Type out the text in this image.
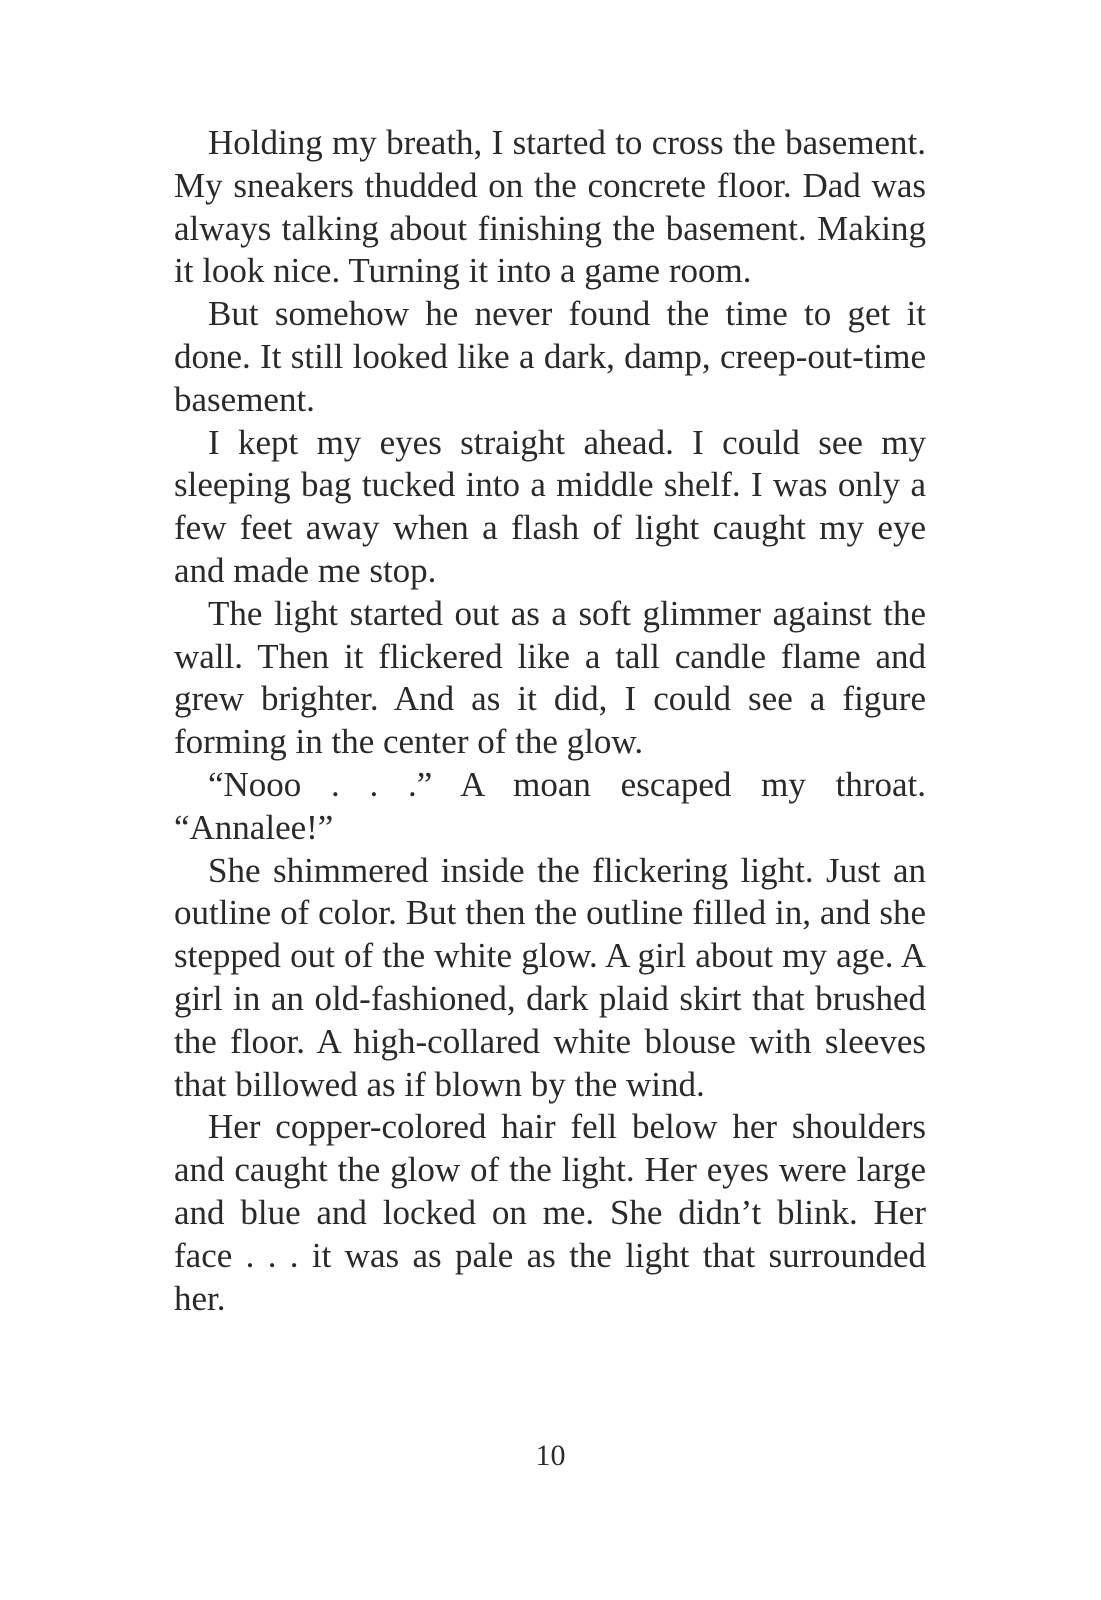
Holding my breath, I started to cross the basement. My sneakers thudded on the concrete floor. Dad was always talking about finishing the basement. Making it look nice. Turning it into a game room.

But somehow he never found the time to get it done. It still looked like a dark, damp, creep-out-time basement.

I kept my eyes straight ahead. I could see my sleeping bag tucked into a middle shelf. I was only a few feet away when a flash of light caught my eye and made me stop.

The light started out as a soft glimmer against the wall. Then it flickered like a tall candle flame and grew brighter. And as it did, I could see a figure forming in the center of the glow.

“Nooo . . .” A moan escaped my throat. “Annalee!”

She shimmered inside the flickering light. Just an outline of color. But then the outline filled in, and she stepped out of the white glow. A girl about my age. A girl in an old-fashioned, dark plaid skirt that brushed the floor. A high-collared white blouse with sleeves that billowed as if blown by the wind.

Her copper-colored hair fell below her shoulders and caught the glow of the light. Her eyes were large and blue and locked on me. She didn’t blink. Her face . . . it was as pale as the light that surrounded her.

10
